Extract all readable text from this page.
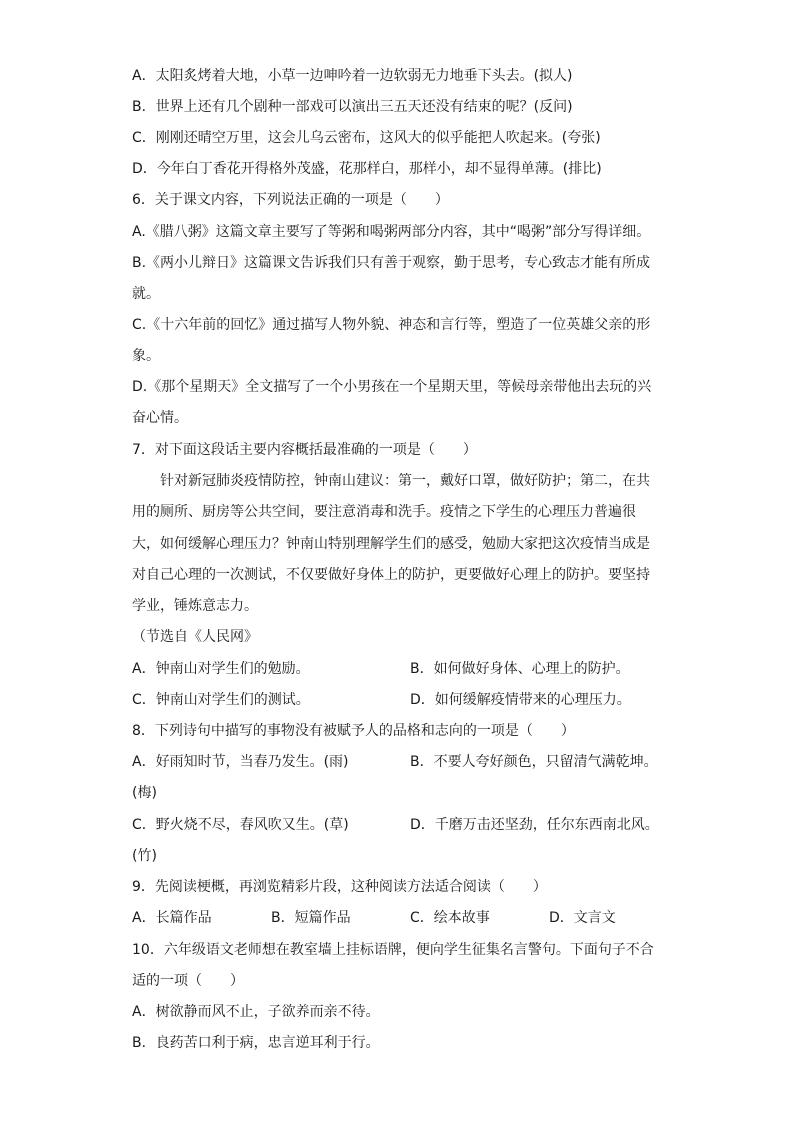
A．太阳炙烤着大地，小草一边呻吟着一边软弱无力地垂下头去。(拟人)
B．世界上还有几个剧种一部戏可以演出三五天还没有结束的呢？(反问)
C．刚刚还晴空万里，这会儿乌云密布，这风大的似乎能把人吹起来。(夸张)
D．今年白丁香花开得格外茂盛，花那样白，那样小，却不显得单薄。(排比)
6．关于课文内容，下列说法正确的一项是（　　）
A.《腊八粥》这篇文章主要写了等粥和喝粥两部分内容，其中“喝粥”部分写得详细。
B.《两小儿辩日》这篇课文告诉我们只有善于观察，勤于思考，专心致志才能有所成
就。
C.《十六年前的回忆》通过描写人物外貌、神态和言行等，塑造了一位英雄父亲的形
象。
D.《那个星期天》全文描写了一个小男孩在一个星期天里，等候母亲带他出去玩的兴
奋心情。
7．对下面这段话主要内容概括最准确的一项是（　　）
针对新冠肺炎疫情防控，钟南山建议：第一，戴好口罩，做好防护；第二，在共
用的厕所、厨房等公共空间，要注意消毒和洗手。疫情之下学生的心理压力普遍很
大，如何缓解心理压力？钟南山特别理解学生们的感受，勉励大家把这次疫情当成是
对自己心理的一次测试，不仅要做好身体上的防护，更要做好心理上的防护。要坚持
学业，锤炼意志力。
（节选自《人民网》
A．钟南山对学生们的勉励。	B．如何做好身体、心理上的防护。
C．钟南山对学生们的测试。	D．如何缓解疫情带来的心理压力。
8．下列诗句中描写的事物没有被赋予人的品格和志向的一项是（　　）
A．好雨知时节，当春乃发生。(雨)	B．不要人夸好颜色，只留清气满乾坤。
(梅)
C．野火烧不尽，春风吹又生。(草)	D．千磨万击还坚劲，任尔东西南北风。
(竹)
9．先阅读梗概，再浏览精彩片段，这种阅读方法适合阅读（　　）
A．长篇作品	B．短篇作品	C．绘本故事	D．文言文
10．六年级语文老师想在教室墙上挂标语牌，便向学生征集名言警句。下面句子不合
适的一项（　　）
A．树欲静而风不止，子欲养而亲不待。
B．良药苦口利于病，忠言逆耳利于行。
